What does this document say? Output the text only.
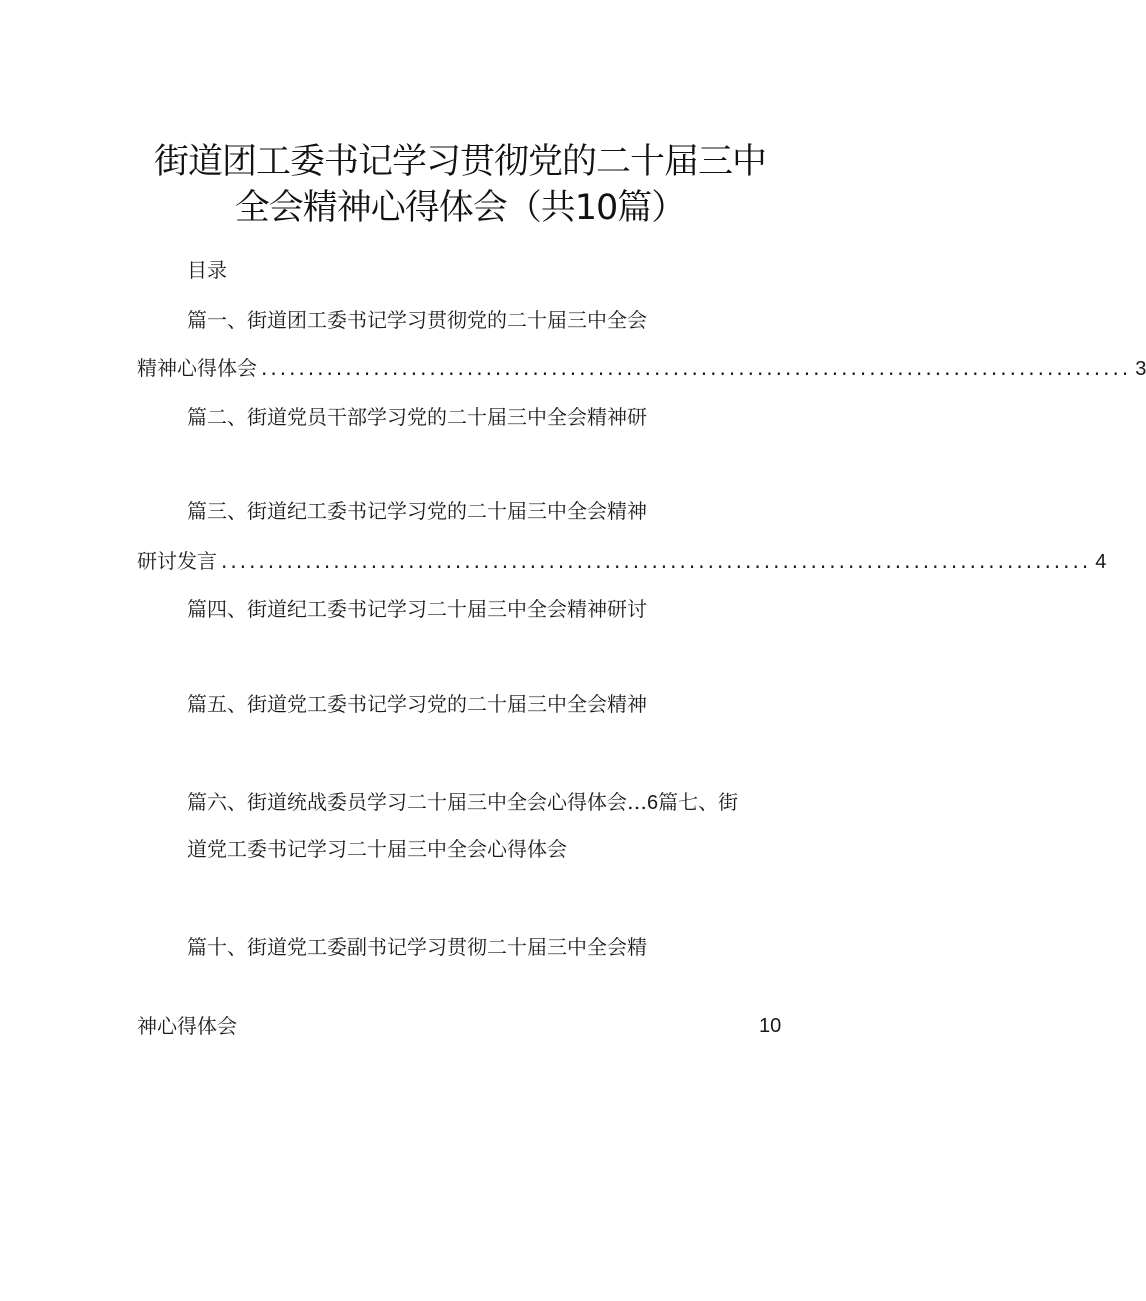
街道团工委书记学习贯彻党的二十届三中
全会精神心得体会（共10篇）
目录
篇一、街道团工委书记学习贯彻党的二十届三中全会
精神心得体会 ............................................................................................. 3
篇二、街道党员干部学习党的二十届三中全会精神研
篇三、街道纪工委书记学习党的二十届三中全会精神
研讨发言 ............................................................................................. 4
篇四、街道纪工委书记学习二十届三中全会精神研讨
篇五、街道党工委书记学习党的二十届三中全会精神
篇六、街道统战委员学习二十届三中全会心得体会…6篇七、街
道党工委书记学习二十届三中全会心得体会
篇十、街道党工委副书记学习贯彻二十届三中全会精
神心得体会	10
